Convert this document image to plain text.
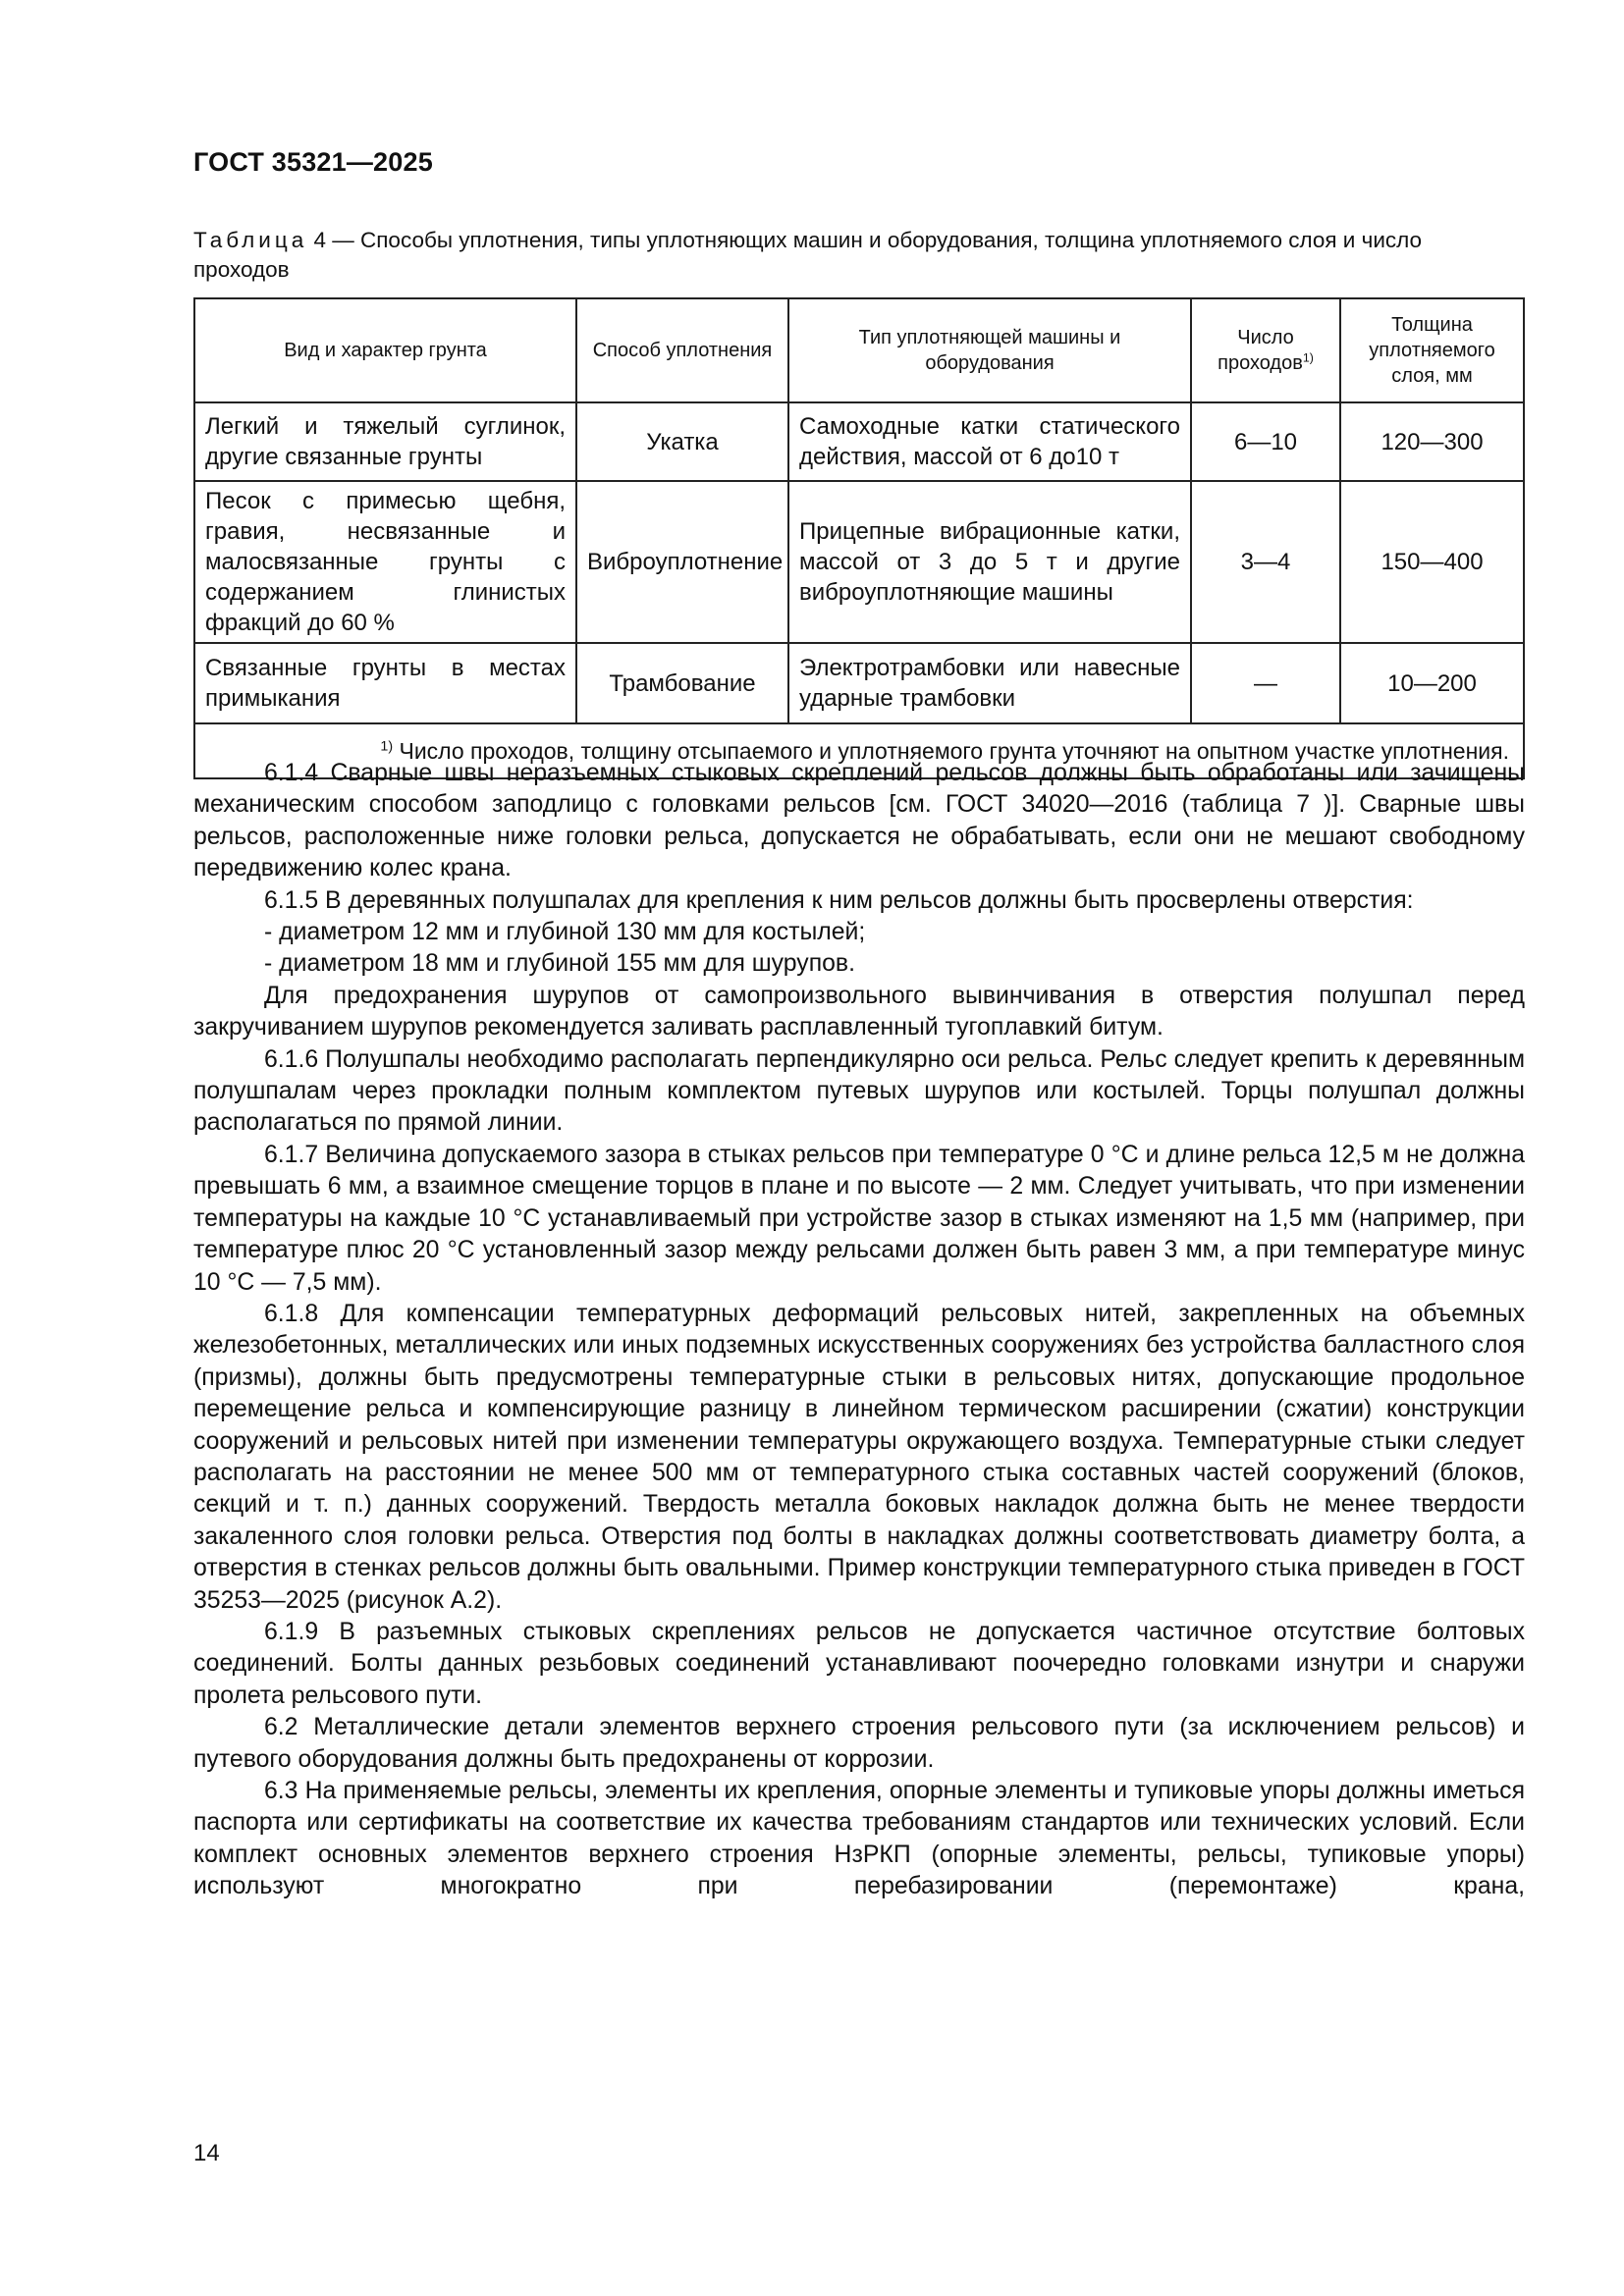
ГОСТ 35321—2025
Таблица 4 — Способы уплотнения, типы уплотняющих машин и оборудования, толщина уплотняемого слоя и число проходов
Вид и характер грунта	Способ уплотнения	Тип уплотняющей машины и оборудования	Число проходов$^{1)}$	Толщина уплотняемого слоя, мм
Легкий и тяжелый суглинок, другие связанные грунты	Укатка	Самоходные катки статического действия, массой от 6 до10 т	6—10	120—300
Песок с примесью щебня, гравия, несвязанные и малосвязанные грунты с содержанием глинистых фракций до 60 %	Виброуплотнение	Прицепные вибрационные катки, массой от 3 до 5 т и другие виброуплотняющие машины	3—4	150—400
Связанные грунты в местах примыкания	Трамбование	Электротрамбовки или навесные ударные трамбовки	—	10—200
$^{1)}$ Число проходов, толщину отсыпаемого и уплотняемого грунта уточняют на опытном участке уплотнения.				

6.1.4 Сварные швы неразъемных стыковых скреплений рельсов должны быть обработаны или зачищены механическим способом заподлицо с головками рельсов [см. ГОСТ 34020—2016 (таблица 7 )]. Сварные швы рельсов, расположенные ниже головки рельса, допускается не обрабатывать, если они не мешают свободному передвижению колес крана.

6.1.5 В деревянных полушпалах для крепления к ним рельсов должны быть просверлены отверстия:

- диаметром 12 мм и глубиной 130 мм для костылей;

- диаметром 18 мм и глубиной 155 мм для шурупов.

Для предохранения шурупов от самопроизвольного вывинчивания в отверстия полушпал перед закручиванием шурупов рекомендуется заливать расплавленный тугоплавкий битум.

6.1.6 Полушпалы необходимо располагать перпендикулярно оси рельса. Рельс следует крепить к деревянным полушпалам через прокладки полным комплектом путевых шурупов или костылей. Торцы полушпал должны располагаться по прямой линии.

6.1.7 Величина допускаемого зазора в стыках рельсов при температуре 0 °С и длине рельса 12,5 м не должна превышать 6 мм, а взаимное смещение торцов в плане и по высоте — 2 мм. Следует учитывать, что при изменении температуры на каждые 10 °С устанавливаемый при устройстве зазор в стыках изменяют на 1,5 мм (например, при температуре плюс 20 °С установленный зазор между рельсами должен быть равен 3 мм, а при температуре минус 10 °С — 7,5 мм).

6.1.8 Для компенсации температурных деформаций рельсовых нитей, закрепленных на объемных железобетонных, металлических или иных подземных искусственных сооружениях без устройства балластного слоя (призмы), должны быть предусмотрены температурные стыки в рельсовых нитях, допускающие продольное перемещение рельса и компенсирующие разницу в линейном термическом расширении (сжатии) конструкции сооружений и рельсовых нитей при изменении температуры окружающего воздуха. Температурные стыки следует располагать на расстоянии не менее 500 мм от температурного стыка составных частей сооружений (блоков, секций и т. п.) данных сооружений. Твердость металла боковых накладок должна быть не менее твердости закаленного слоя головки рельса. Отверстия под болты в накладках должны соответствовать диаметру болта, а отверстия в стенках рельсов должны быть овальными. Пример конструкции температурного стыка приведен в ГОСТ 35253—2025 (рисунок А.2).

6.1.9 В разъемных стыковых скреплениях рельсов не допускается частичное отсутствие болтовых соединений. Болты данных резьбовых соединений устанавливают поочередно головками изнутри и снаружи пролета рельсового пути.

6.2 Металлические детали элементов верхнего строения рельсового пути (за исключением рельсов) и путевого оборудования должны быть предохранены от коррозии.

6.3 На применяемые рельсы, элементы их крепления, опорные элементы и тупиковые упоры должны иметься паспорта или сертификаты на соответствие их качества требованиям стандартов или технических условий. Если комплект основных элементов верхнего строения НзРКП (опорные элементы, рельсы, тупиковые упоры) используют многократно при перебазировании (перемонтаже) крана,

14
